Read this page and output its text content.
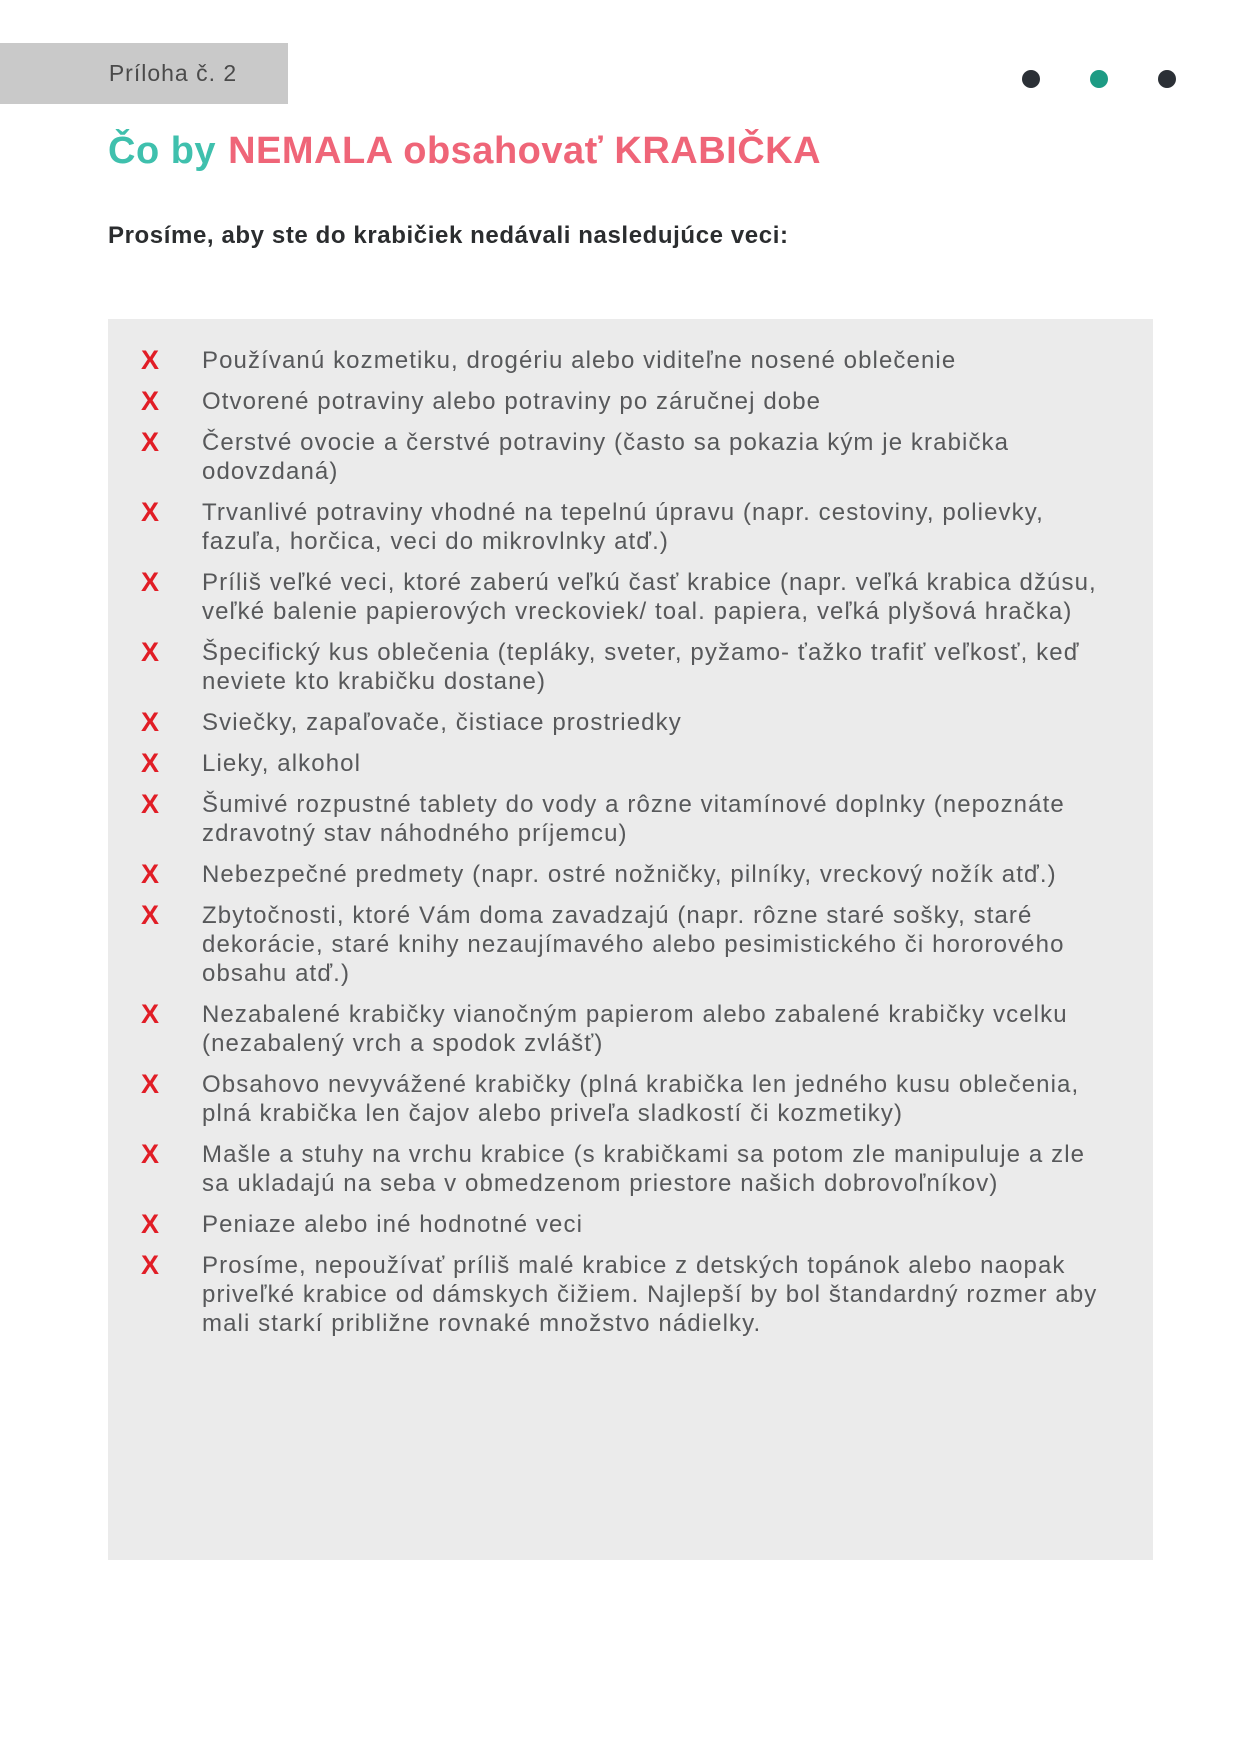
Príloha č. 2
Čo by NEMALA obsahovať KRABIČKA
Prosíme, aby ste do krabičiek nedávali nasledujúce veci:
X	Používanú kozmetiku, drogériu alebo viditeľne nosené oblečenie
X	Otvorené potraviny alebo potraviny po záručnej dobe
X	Čerstvé ovocie a čerstvé potraviny (často sa pokazia kým je krabička odovzdaná)
X	Trvanlivé potraviny vhodné na tepelnú úpravu (napr. cestoviny, polievky, fazuľa, horčica, veci do mikrovlnky atď.)
X	Príliš veľké veci, ktoré zaberú veľkú časť krabice (napr. veľká krabica džúsu, veľké balenie papierových vreckoviek/ toal. papiera, veľká plyšová hračka)
X	Špecifický kus oblečenia (tepláky, sveter, pyžamo- ťažko trafiť veľkosť, keď neviete kto krabičku dostane)
X	Sviečky, zapaľovače, čistiace prostriedky
X	Lieky, alkohol
X	Šumivé rozpustné tablety do vody a rôzne vitamínové doplnky (nepoznáte zdravotný stav náhodného príjemcu)
X	Nebezpečné predmety (napr. ostré nožničky, pilníky, vreckový nožík atď.)
X	Zbytočnosti, ktoré Vám doma zavadzajú (napr. rôzne staré sošky, staré dekorácie, staré knihy nezaujímavého alebo pesimistického či hororového obsahu atď.)
X	Nezabalené krabičky vianočným papierom alebo zabalené krabičky vcelku (nezabalený vrch a spodok zvlášť)
X	Obsahovo nevyvážené krabičky (plná krabička len jedného kusu oblečenia, plná krabička len čajov alebo priveľa sladkostí či kozmetiky)
X	Mašle a stuhy na vrchu krabice (s krabičkami sa potom zle manipuluje a zle sa ukladajú na seba v obmedzenom priestore našich dobrovoľníkov)
X	Peniaze alebo iné hodnotné veci
X	Prosíme, nepoužívať príliš malé krabice z detských topánok alebo naopak priveľké krabice od dámskych čižiem. Najlepší by bol štandardný rozmer aby mali starkí približne rovnaké množstvo nádielky.
